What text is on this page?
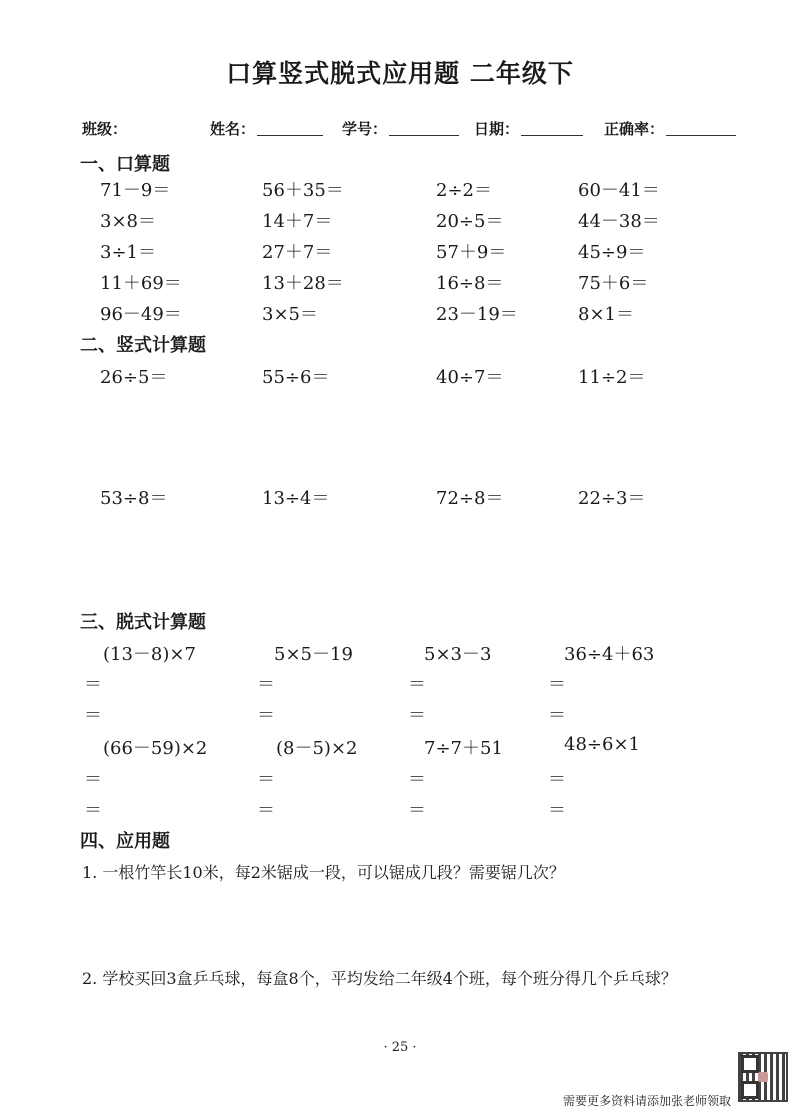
口算竖式脱式应用题 二年级下
班级：	姓名：	学号：	日期：	正确率：
一、口算题
71－9＝	56＋35＝	2÷2＝	60－41＝
3×8＝	14＋7＝	20÷5＝	44－38＝
3÷1＝	27＋7＝	57＋9＝	45÷9＝
11＋69＝	13＋28＝	16÷8＝	75＋6＝
96－49＝	3×5＝	23－19＝	8×1＝
二、竖式计算题
26÷5＝	55÷6＝	40÷7＝	11÷2＝
53÷8＝	13÷4＝	72÷8＝	22÷3＝
三、脱式计算题
(13－8)×7	5×5－19	5×3－3	36÷4＋63
＝	＝	＝	＝
＝	＝	＝	＝
(66－59)×2	(8－5)×2	7÷7＋51	48÷6×1
＝	＝	＝	＝
＝	＝	＝	＝
四、应用题
1. 一根竹竿长10米，每2米锯成一段，可以锯成几段？需要锯几次？
2. 学校买回3盒乒乓球，每盒8个，平均发给二年级4个班，每个班分得几个乒乓球？
· 25 ·
需要更多资料请添加张老师领取
